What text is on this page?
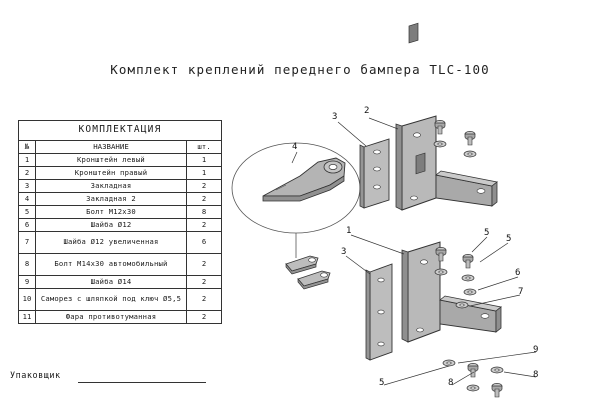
Комплект креплений переднего бампера TLC-100
КОМПЛЕКТАЦИЯ		
№	НАЗВАНИЕ	шт.
1	Кронштейн левый	1
2	Кронштейн правый	1
3	Закладная	2
4	Закладная 2	2
5	Болт М12х30	8
6	Шайба Ø12	2
7	Шайба Ø12 увеличенная	6
8	Болт М14х30 автомобильный	2
9	Шайба Ø14	2
10	Саморез с шляпкой под ключ Ø5,5	2
11	Фара противотуманная	2
Упаковщик
2
3
1
3
5
5
6
7
5	8
8
9
4
